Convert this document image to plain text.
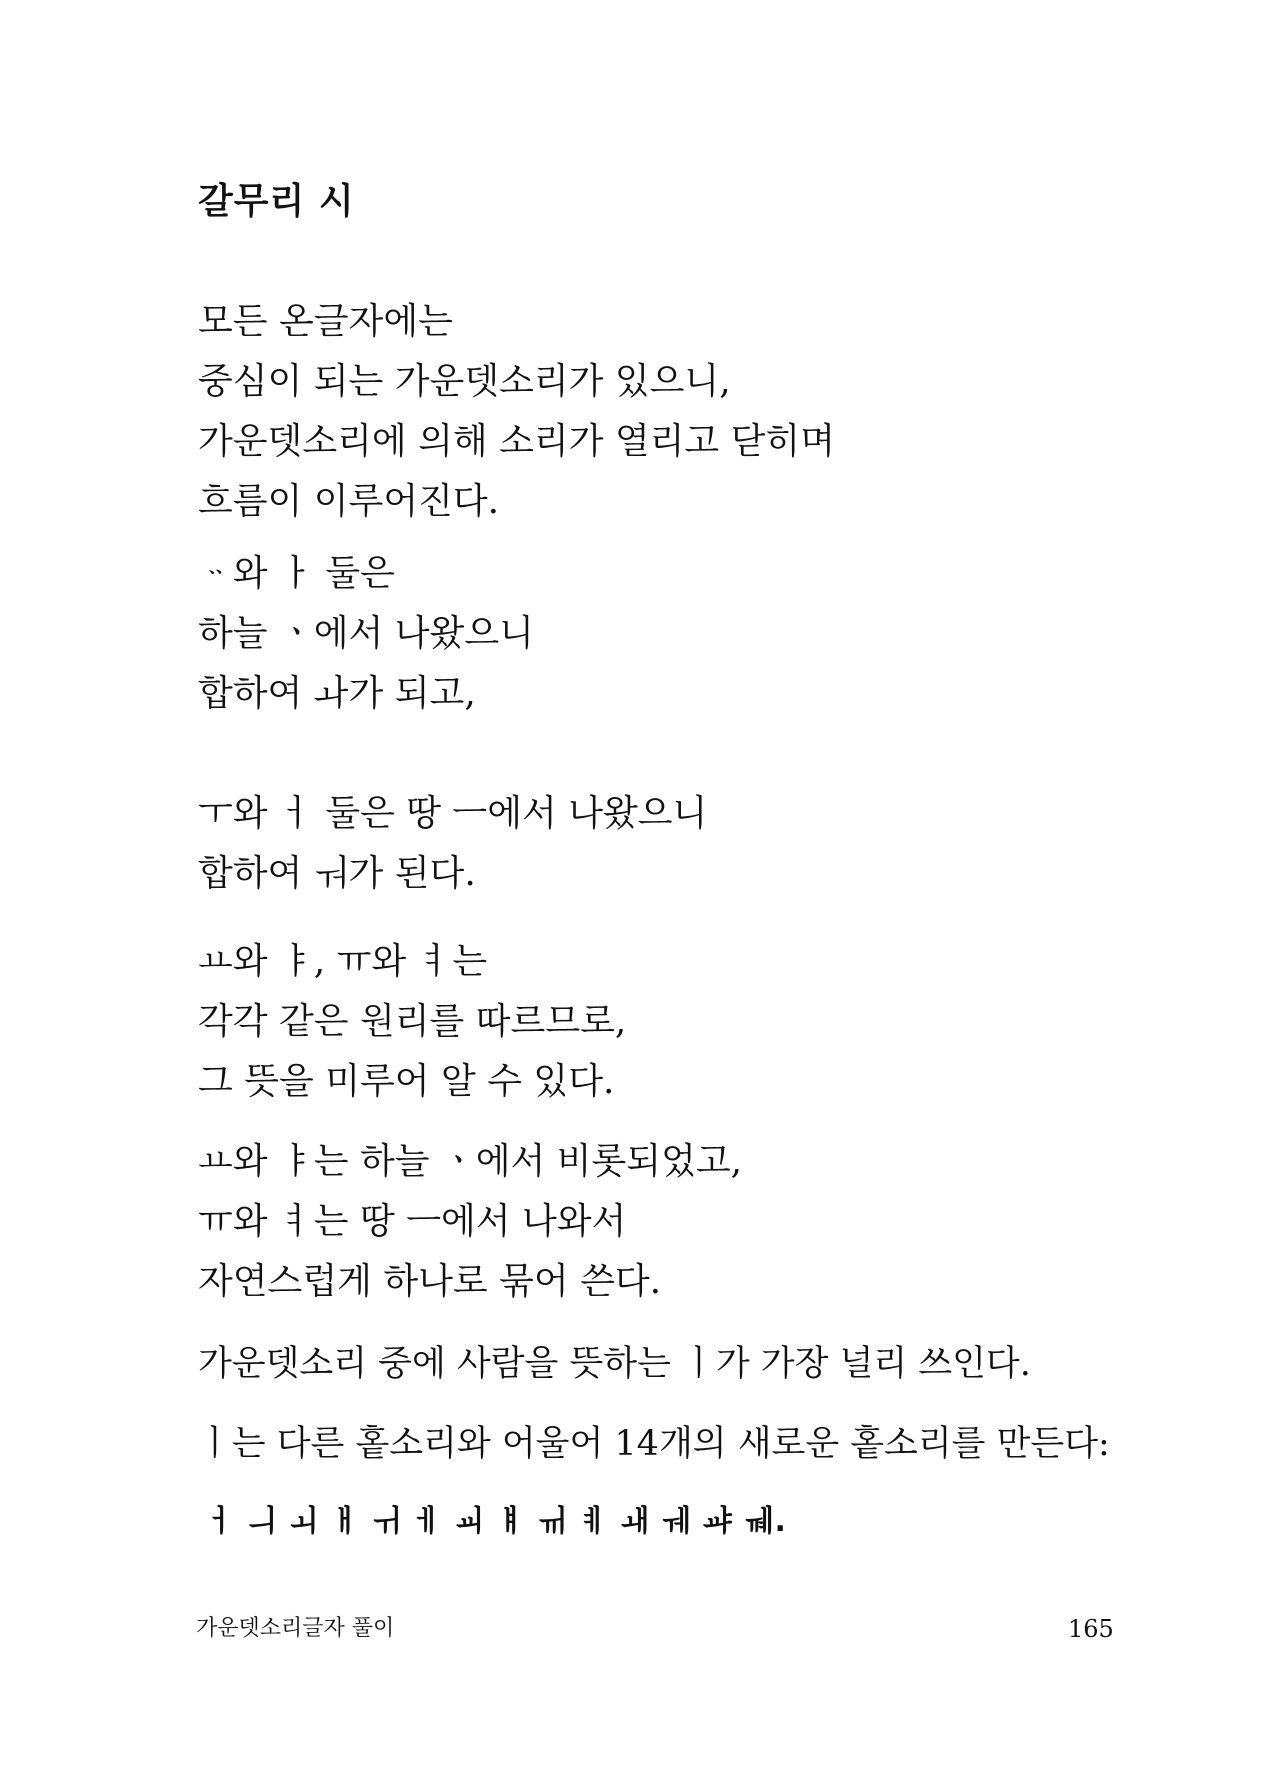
갈무리 시
모든 온글자에는
중심이 되는 가운뎃소리가 있으니,
가운뎃소리에 의해 소리가 열리고 닫히며
흐름이 이루어진다.
ᆢ와 ㅏ 둘은
하늘 ㆍ에서 나왔으니
합하여 ㅘ가 되고,
ㅜ와 ㅓ 둘은 땅 ㅡ에서 나왔으니
합하여 ㅝ가 된다.
ㅛ와 ㅑ, ㅠ와 ㅕ는
각각 같은 원리를 따르므로,
그 뜻을 미루어 알 수 있다.
ㅛ와 ㅑ는 하늘 ㆍ에서 비롯되었고,
ㅠ와 ㅕ는 땅 ㅡ에서 나와서
자연스럽게 하나로 묶어 쓴다.
가운뎃소리 중에 사람을 뜻하는 ㅣ가 가장 널리 쓰인다.
ㅣ는 다른 홑소리와 어울어 14개의 새로운 홑소리를 만든다:
ㅓ ㅢ ㅚ ㅐ ㅟ ㅔ ㆉ ㅒ ㆌ ㅖ ㅙ ㅞ ㆇ ㆋ.
가운뎃소리글자 풀이	165
